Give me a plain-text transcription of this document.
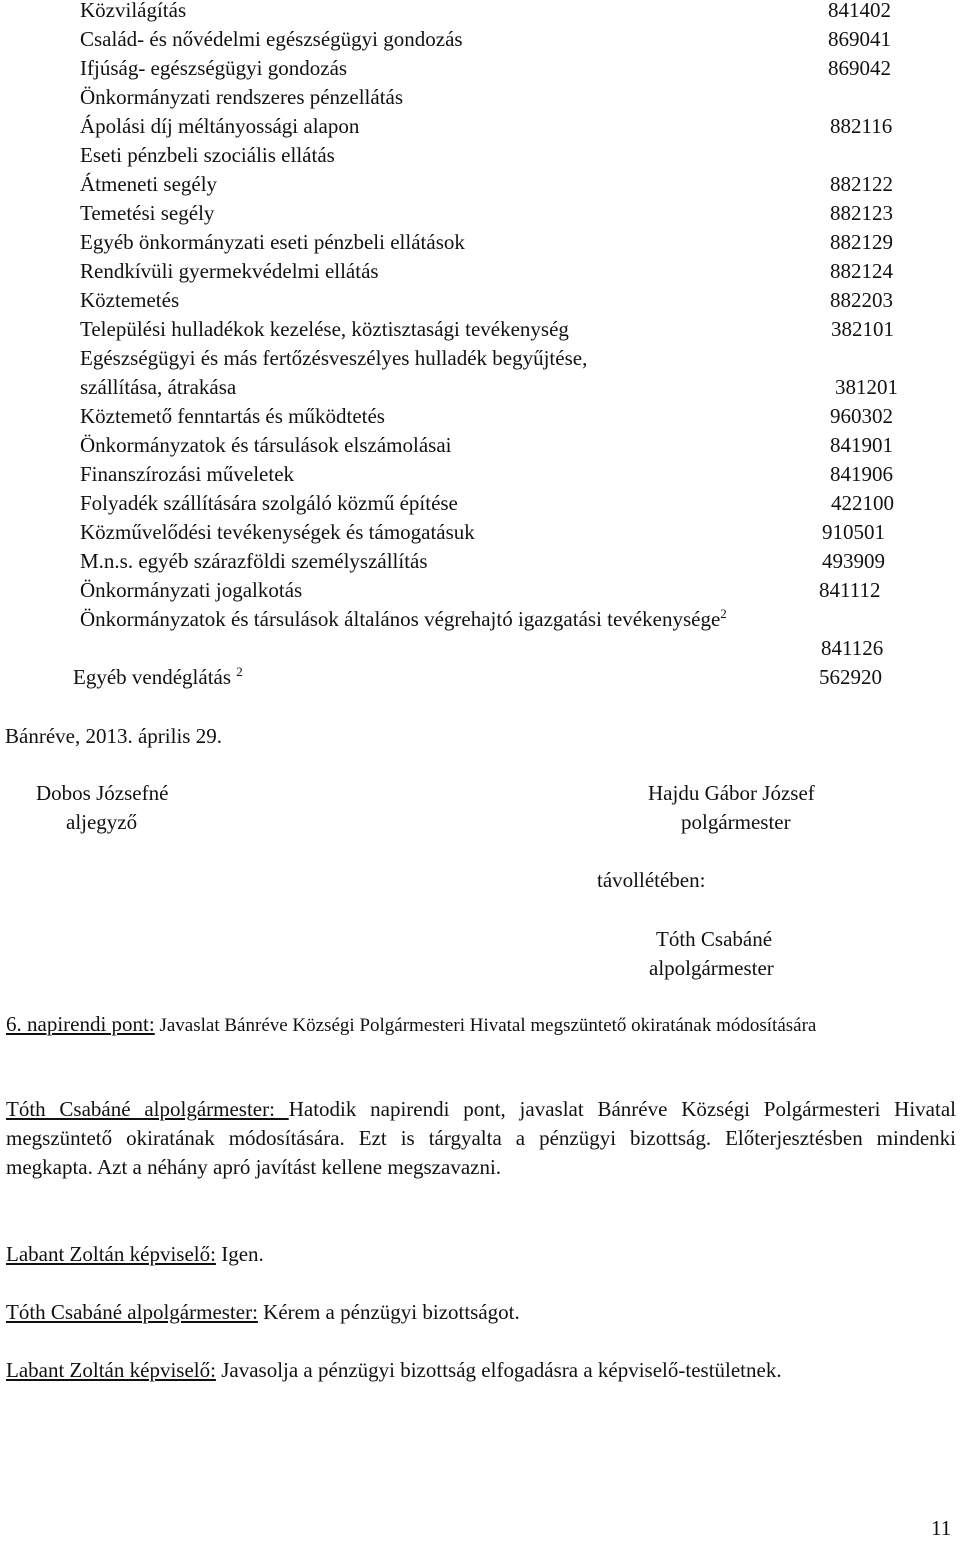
Közvilágítás	841402
Család- és nővédelmi egészségügyi gondozás	869041
Ifjúság- egészségügyi gondozás	869042
Önkormányzati rendszeres pénzellátás
Ápolási díj méltányossági alapon	882116
Eseti pénzbeli szociális ellátás
Átmeneti segély	882122
Temetési segély	882123
Egyéb önkormányzati eseti pénzbeli ellátások	882129
Rendkívüli gyermekvédelmi ellátás	882124
Köztemetés	882203
Települési hulladékok kezelése, köztisztasági tevékenység	382101
Egészségügyi és más fertőzésveszélyes hulladék begyűjtése,
szállítása, átrakása	381201
Köztemető fenntartás és működtetés	960302
Önkormányzatok és társulások elszámolásai	841901
Finanszírozási műveletek	841906
Folyadék szállítására szolgáló közmű építése	422100
Közművelődési tevékenységek és támogatásuk	910501
M.n.s. egyéb szárazföldi személyszállítás	493909
Önkormányzati jogalkotás	841112
Önkormányzatok és társulások általános végrehajtó igazgatási tevékenysége$^2$
841126
Egyéb vendéglátás $^2$	562920
Bánréve, 2013. április 29.
Dobos Józsefné
aljegyző
Hajdu Gábor József
polgármester
távollétében:
Tóth Csabáné
alpolgármester
6. napirendi pont: Javaslat Bánréve Községi Polgármesteri Hivatal megszüntető okiratának módosítására
Tóth Csabáné alpolgármester: Hatodik napirendi pont, javaslat Bánréve Községi Polgármesteri Hivatal megszüntető okiratának módosítására. Ezt is tárgyalta a pénzügyi bizottság. Előterjesztésben mindenki megkapta. Azt a néhány apró javítást kellene megszavazni.
Labant Zoltán képviselő: Igen.
Tóth Csabáné alpolgármester: Kérem a pénzügyi bizottságot.
Labant Zoltán képviselő: Javasolja a pénzügyi bizottság elfogadásra a képviselő-testületnek.
11
